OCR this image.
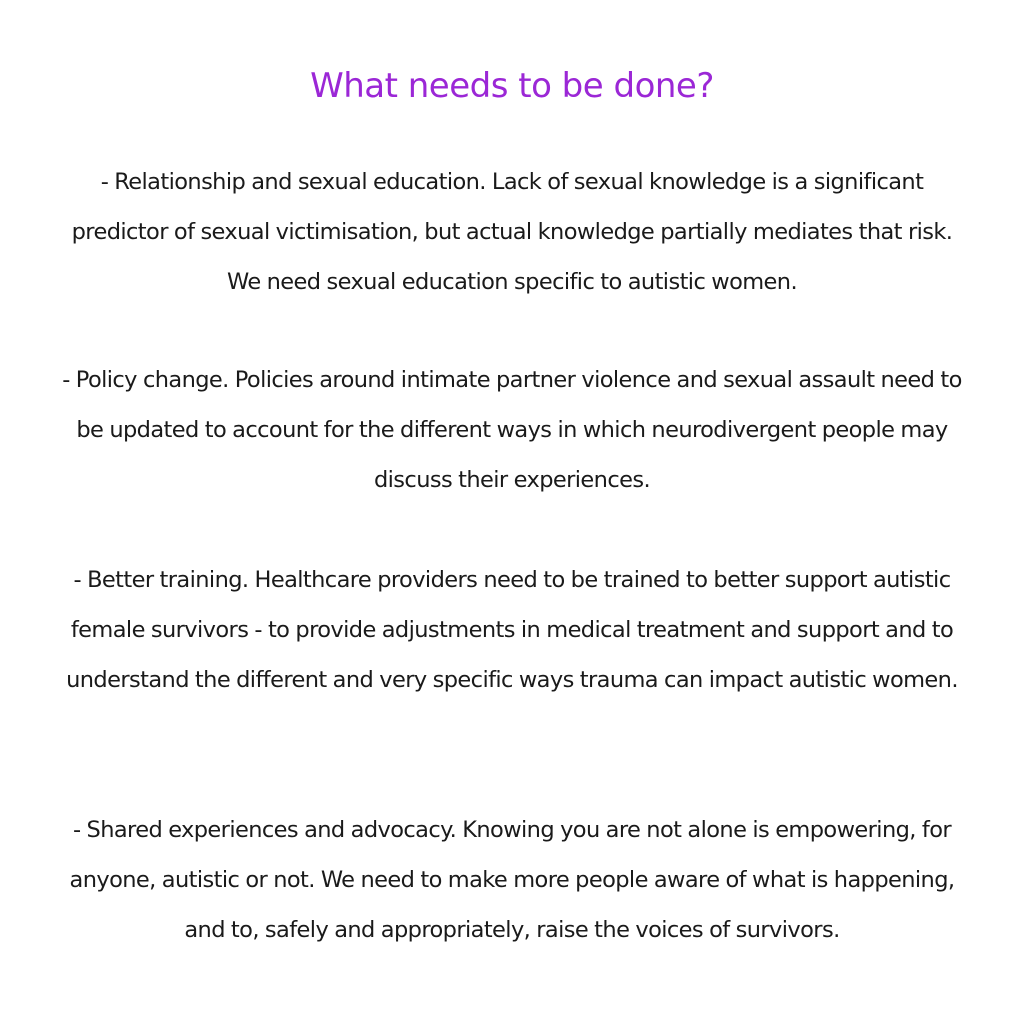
What needs to be done?

- Relationship and sexual education. Lack of sexual knowledge is a significant predictor of sexual victimisation, but actual knowledge partially mediates that risk. We need sexual education specific to autistic women.

- Policy change. Policies around intimate partner violence and sexual assault need to be updated to account for the different ways in which neurodivergent people may discuss their experiences.

- Better training. Healthcare providers need to be trained to better support autistic female survivors - to provide adjustments in medical treatment and support and to understand the different and very specific ways trauma can impact autistic women.

- Shared experiences and advocacy. Knowing you are not alone is empowering, for anyone, autistic or not. We need to make more people aware of what is happening, and to, safely and appropriately, raise the voices of survivors.
